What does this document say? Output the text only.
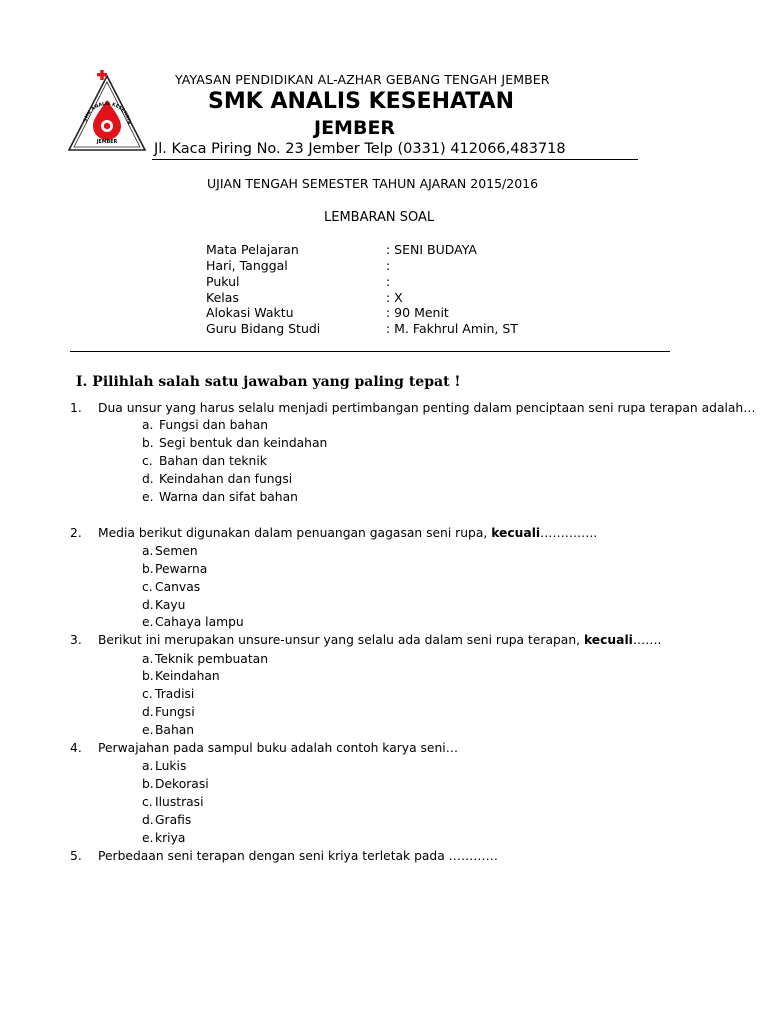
SMK ANALIS KESEHATA
JEMBER
YAYASAN PENDIDIKAN AL-AZHAR GEBANG TENGAH JEMBER
SMK ANALIS KESEHATAN
JEMBER
Jl. Kaca Piring No. 23 Jember Telp (0331) 412066,483718
UJIAN TENGAH SEMESTER TAHUN AJARAN 2015/2016
LEMBARAN SOAL
Mata Pelajaran	: SENI BUDAYA
Hari, Tanggal	:
Pukul	:
Kelas	: X
Alokasi Waktu	: 90 Menit
Guru Bidang Studi	: M. Fakhrul Amin, ST
I. Pilihlah salah satu jawaban yang paling tepat !
1. Dua unsur yang harus selalu menjadi pertimbangan penting dalam penciptaan seni rupa terapan adalah…
a. Fungsi dan bahan
b. Segi bentuk dan keindahan
c. Bahan dan teknik
d. Keindahan dan fungsi
e. Warna dan sifat bahan
2. Media berikut digunakan dalam penuangan gagasan seni rupa, kecuali…………..
a. Semen
b. Pewarna
c. Canvas
d. Kayu
e. Cahaya lampu
3. Berikut ini merupakan unsure-unsur yang selalu ada dalam seni rupa terapan, kecuali…….
a. Teknik pembuatan
b. Keindahan
c. Tradisi
d. Fungsi
e. Bahan
4. Perwajahan pada sampul buku adalah contoh karya seni…
a. Lukis
b. Dekorasi
c. Ilustrasi
d. Grafis
e. kriya
5. Perbedaan seni terapan dengan seni kriya terletak pada …………
